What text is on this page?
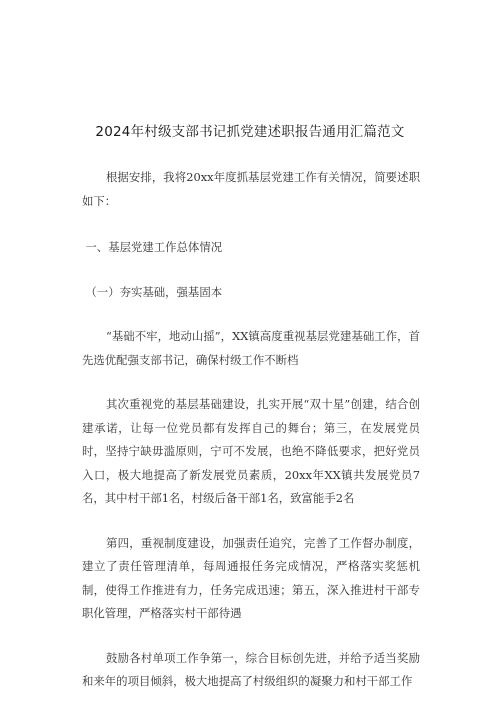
2024年村级支部书记抓党建述职报告通用汇篇范文

根据安排，我将20xx年度抓基层党建工作有关情况，简要述职如下：

一、基层党建工作总体情况

（一）夯实基础，强基固本

“基础不牢，地动山摇”，XX镇高度重视基层党建基础工作，首先选优配强支部书记，确保村级工作不断档

其次重视党的基层基础建设，扎实开展“双十星”创建，结合创建承诺，让每一位党员都有发挥自己的舞台；第三，在发展党员时，坚持宁缺毋滥原则，宁可不发展，也绝不降低要求，把好党员入口，极大地提高了新发展党员素质，20xx年XX镇共发展党员7名，其中村干部1名，村级后备干部1名，致富能手2名

第四，重视制度建设，加强责任追究，完善了工作督办制度，建立了责任管理清单，每周通报任务完成情况，严格落实奖惩机制，使得工作推进有力，任务完成迅速；第五，深入推进村干部专职化管理，严格落实村干部待遇

鼓励各村单项工作争第一，综合目标创先进，并给予适当奖励和来年的项目倾斜，极大地提高了村级组织的凝聚力和村干部工作
